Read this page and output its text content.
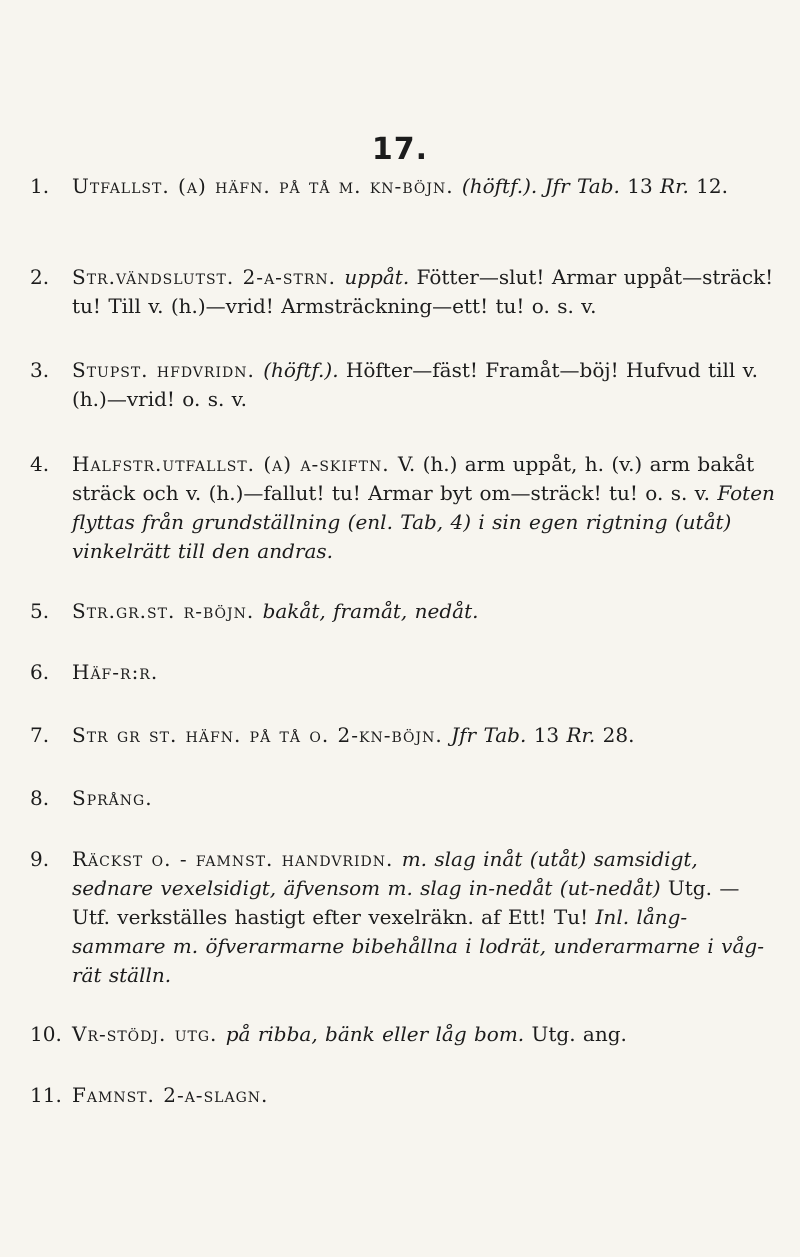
17.
1.	Utfallst. (a) häfn. på tå m. kn-böjn. (höftf.). Jfr Tab. 13 Rr. 12.
2.	Str.vändslutst. 2-a-strn. uppåt. Fötter—slut! Armar uppåt—sträck! tu! Till v. (h.)—vrid! Armsträckning—ett! tu! o. s. v.
3.	Stupst. hfdvridn. (höftf.). Höfter—fäst! Framåt—böj! Hufvud till v. (h.)—vrid! o. s. v.
4.	Halfstr.utfallst. (a) a-skiftn. V. (h.) arm uppåt, h. (v.) arm bakåt sträck och v. (h.)—fallut! tu! Armar byt om—sträck! tu! o. s. v. Foten flyttas från grundställning (enl. Tab, 4) i sin egen rigtning (utåt) vinkelrätt till den andras.
5.	Str.gr.st. r-böjn. bakåt, framåt, nedåt.
6.	Häf-r:r.
7.	Str gr st. häfn. på tå o. 2-kn-böjn. Jfr Tab. 13 Rr. 28.
8.	Språng.
9.	Räckst o. - famnst. handvridn. m. slag inåt (utåt) samsidigt, sednare vexelsidigt, äfvensom m. slag in-nedåt (ut-nedåt) Utg. — Utf. verkställes hastigt efter vexelräkn. af Ett! Tu! Inl. lång-sammare m. öfverarmarne bibehållna i lodrät, underarmarne i våg-rät ställn.
10. Vr-stödj. utg. på ribba, bänk eller låg bom. Utg. ang.
11. Famnst. 2-a-slagn.
